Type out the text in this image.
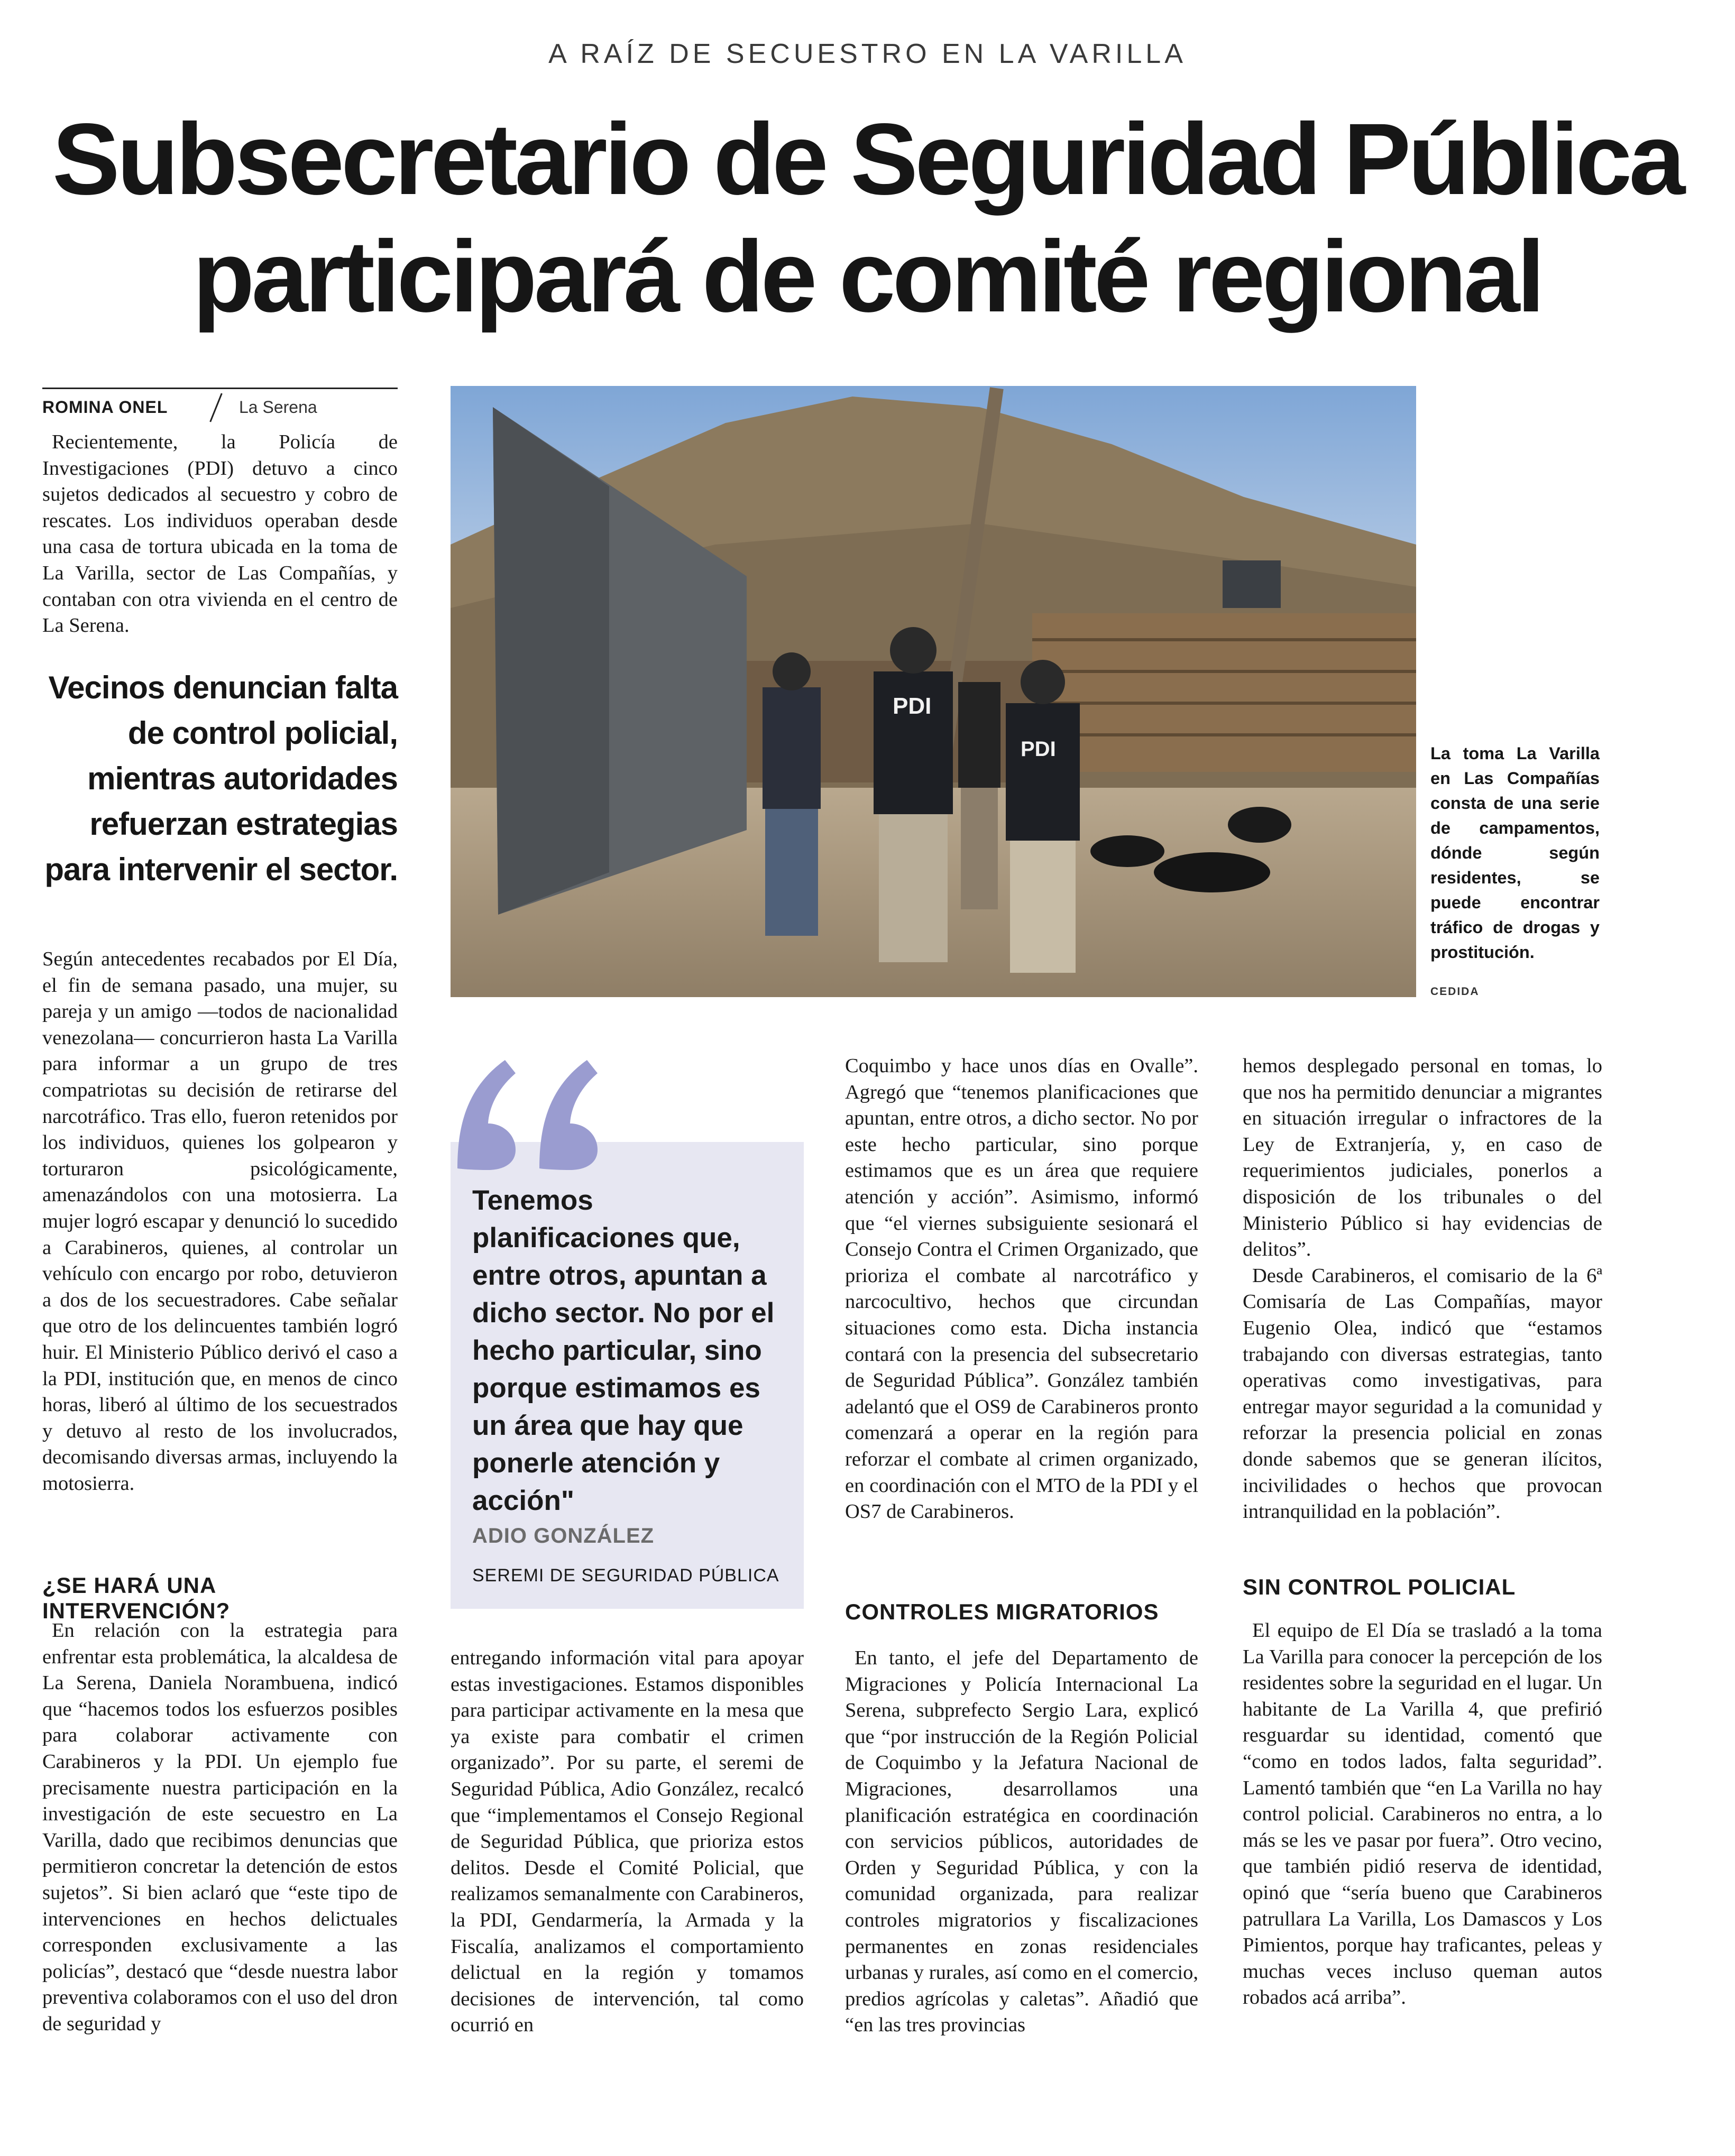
A RAÍZ DE SECUESTRO EN LA VARILLA
Subsecretario de Seguridad Pública
participará de comité regional
ROMINA ONEL	La Serena

Recientemente, la Policía de Investigaciones (PDI) detuvo a cinco sujetos dedicados al secuestro y cobro de rescates. Los individuos operaban desde una casa de tortura ubicada en la toma de La Varilla, sector de Las Compañías, y contaban con otra vivienda en el centro de La Serena.

Vecinos denuncian falta de control policial, mientras autoridades refuerzan estrategias para intervenir el sector.

Según antecedentes recabados por El Día, el fin de semana pasado, una mujer, su pareja y un amigo —todos de nacionalidad venezolana— concurrieron hasta La Varilla para informar a un grupo de tres compatriotas su decisión de retirarse del narcotráfico. Tras ello, fueron retenidos por los individuos, quienes los golpearon y torturaron psicológicamente, amenazándolos con una motosierra. La mujer logró escapar y denunció lo sucedido a Carabineros, quienes, al controlar un vehículo con encargo por robo, detuvieron a dos de los secuestradores. Cabe señalar que otro de los delincuentes también logró huir. El Ministerio Público derivó el caso a la PDI, institución que, en menos de cinco horas, liberó al último de los secuestrados y detuvo al resto de los involucrados, decomisando diversas armas, incluyendo la motosierra.

¿SE HARÁ UNA INTERVENCIÓN?

En relación con la estrategia para enfrentar esta problemática, la alcaldesa de La Serena, Daniela Norambuena, indicó que “hacemos todos los esfuerzos posibles para colaborar activamente con Carabineros y la PDI. Un ejemplo fue precisamente nuestra participación en la investigación de este secuestro en La Varilla, dado que recibimos denuncias que permitieron concretar la detención de estos sujetos”. Si bien aclaró que “este tipo de intervenciones en hechos delictuales corresponden exclusivamente a las policías”, destacó que “desde nuestra labor preventiva colaboramos con el uso del dron de seguridad y

PDI
PDI	La toma La Varilla en Las Compañías consta de una serie de campamentos, dónde según residentes, se puede encontrar tráfico de drogas y prostitución.

CEDIDA

Tenemos planificaciones que, entre otros, apuntan a dicho sector. No por el hecho particular, sino porque estimamos es un área que hay que ponerle atención y acción"

ADIO GONZÁLEZ
SEREMI DE SEGURIDAD PÚBLICA

entregando información vital para apoyar estas investigaciones. Estamos disponibles para participar activamente en la mesa que ya existe para combatir el crimen organizado”. Por su parte, el seremi de Seguridad Pública, Adio González, recalcó que “implementamos el Consejo Regional de Seguridad Pública, que prioriza estos delitos. Desde el Comité Policial, que realizamos semanalmente con Carabineros, la PDI, Gendarmería, la Armada y la Fiscalía, analizamos el comportamiento delictual en la región y tomamos decisiones de intervención, tal como ocurrió en

Coquimbo y hace unos días en Ovalle”. Agregó que “tenemos planificaciones que apuntan, entre otros, a dicho sector. No por este hecho particular, sino porque estimamos que es un área que requiere atención y acción”. Asimismo, informó que “el viernes subsiguiente sesionará el Consejo Contra el Crimen Organizado, que prioriza el combate al narcotráfico y narcocultivo, hechos que circundan situaciones como esta. Dicha instancia contará con la presencia del subsecretario de Seguridad Pública”. González también adelantó que el OS9 de Carabineros pronto comenzará a operar en la región para reforzar el combate al crimen organizado, en coordinación con el MTO de la PDI y el OS7 de Carabineros.

CONTROLES MIGRATORIOS

En tanto, el jefe del Departamento de Migraciones y Policía Internacional La Serena, subprefecto Sergio Lara, explicó que “por instrucción de la Región Policial de Coquimbo y la Jefatura Nacional de Migraciones, desarrollamos una planificación estratégica en coordinación con servicios públicos, autoridades de Orden y Seguridad Pública, y con la comunidad organizada, para realizar controles migratorios y fiscalizaciones permanentes en zonas residenciales urbanas y rurales, así como en el comercio, predios agrícolas y caletas”. Añadió que “en las tres provincias

hemos desplegado personal en tomas, lo que nos ha permitido denunciar a migrantes en situación irregular o infractores de la Ley de Extranjería, y, en caso de requerimientos judiciales, ponerlos a disposición de los tribunales o del Ministerio Público si hay evidencias de delitos”.
Desde Carabineros, el comisario de la 6ª Comisaría de Las Compañías, mayor Eugenio Olea, indicó que “estamos trabajando con diversas estrategias, tanto operativas como investigativas, para entregar mayor seguridad a la comunidad y reforzar la presencia policial en zonas donde sabemos que se generan ilícitos, incivilidades o hechos que provocan intranquilidad en la población”.
SIN CONTROL POLICIAL

El equipo de El Día se trasladó a la toma La Varilla para conocer la percepción de los residentes sobre la seguridad en el lugar. Un habitante de La Varilla 4, que prefirió resguardar su identidad, comentó que “como en todos lados, falta seguridad”. Lamentó también que “en La Varilla no hay control policial. Carabineros no entra, a lo más se les ve pasar por fuera”. Otro vecino, que también pidió reserva de identidad, opinó que “sería bueno que Carabineros patrullara La Varilla, Los Damascos y Los Pimientos, porque hay traficantes, peleas y muchas veces incluso queman autos robados acá arriba”.
